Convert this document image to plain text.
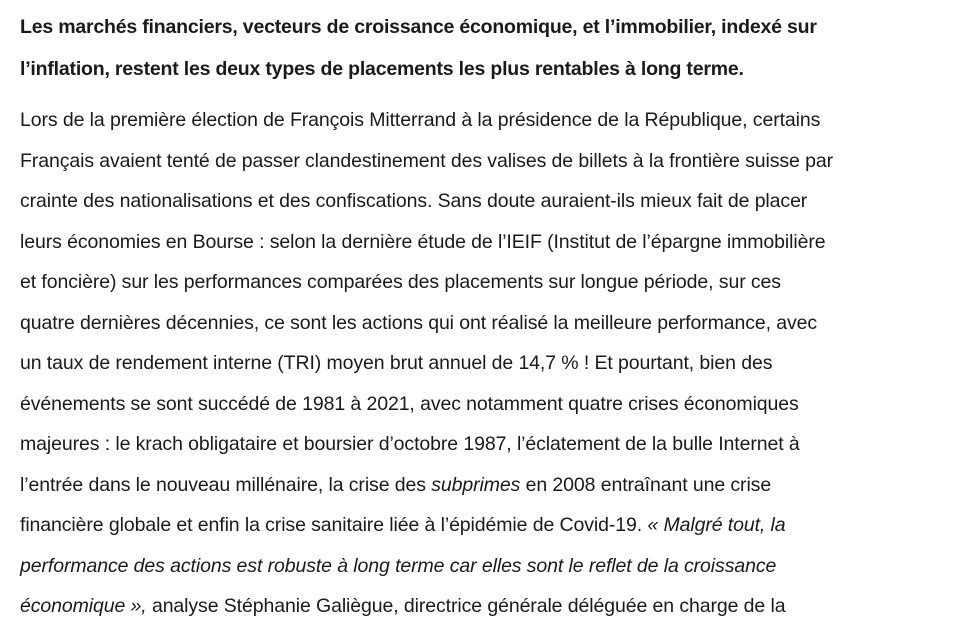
Les marchés financiers, vecteurs de croissance économique, et l’immobilier, indexé sur
l’inflation, restent les deux types de placements les plus rentables à long terme.

Lors de la première élection de François Mitterrand à la présidence de la République, certains
Français avaient tenté de passer clandestinement des valises de billets à la frontière suisse par
crainte des nationalisations et des confiscations. Sans doute auraient-ils mieux fait de placer
leurs économies en Bourse : selon la dernière étude de l’IEIF (Institut de l’épargne immobilière
et foncière) sur les performances comparées des placements sur longue période, sur ces
quatre dernières décennies, ce sont les actions qui ont réalisé la meilleure performance, avec
un taux de rendement interne (TRI) moyen brut annuel de 14,7 % ! Et pourtant, bien des
événements se sont succédé de 1981 à 2021, avec notamment quatre crises économiques
majeures : le krach obligataire et boursier d’octobre 1987, l’éclatement de la bulle Internet à
l’entrée dans le nouveau millénaire, la crise des subprimes en 2008 entraînant une crise
financière globale et enfin la crise sanitaire liée à l’épidémie de Covid-19. « Malgré tout, la
performance des actions est robuste à long terme car elles sont le reflet de la croissance
économique », analyse Stéphanie Galiègue, directrice générale déléguée en charge de la
